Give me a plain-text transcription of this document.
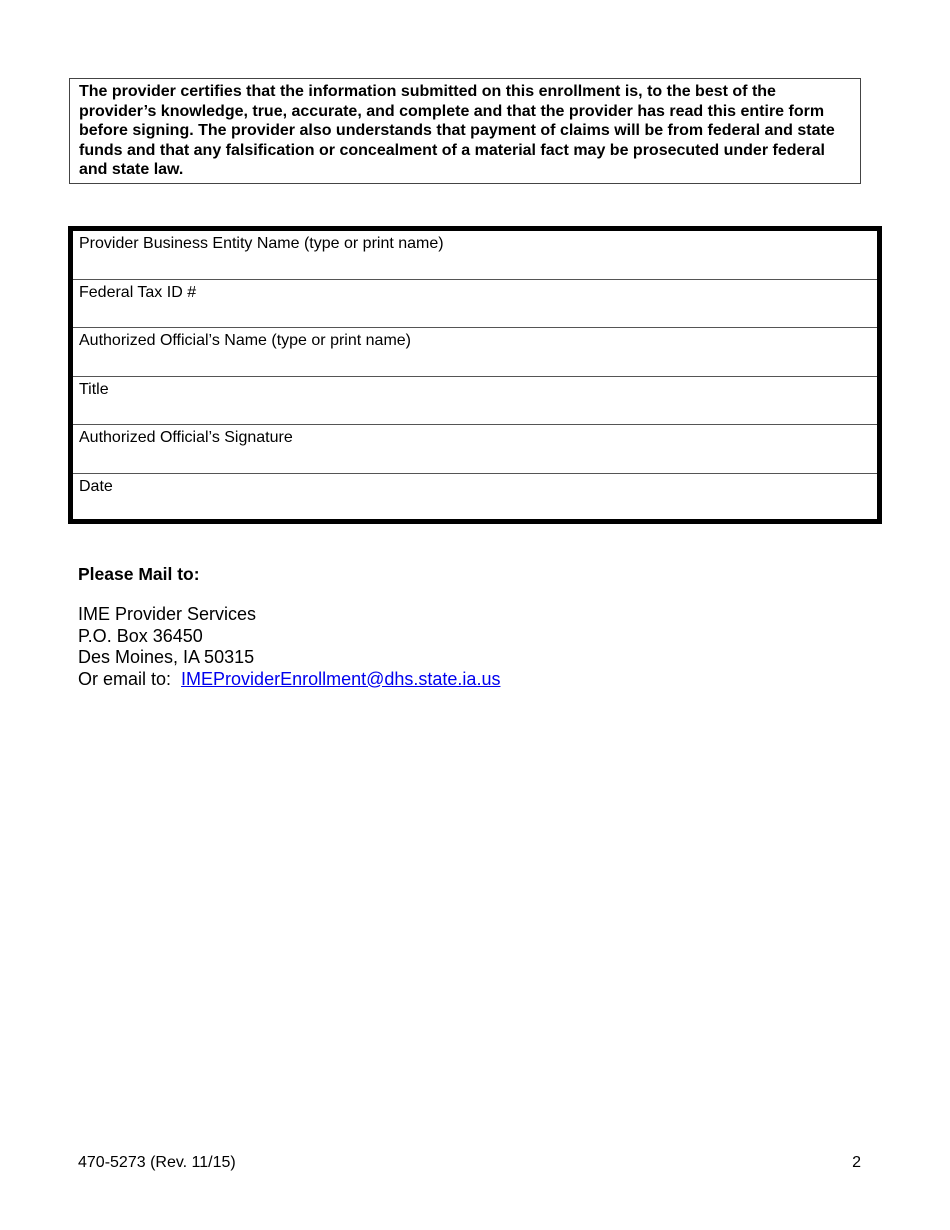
The provider certifies that the information submitted on this enrollment is, to the best of the provider’s knowledge, true, accurate, and complete and that the provider has read this entire form before signing. The provider also understands that payment of claims will be from federal and state funds and that any falsification or concealment of a material fact may be prosecuted under federal and state law.
Provider Business Entity Name (type or print name)
Federal Tax ID #
Authorized Official’s Name (type or print name)
Title
Authorized Official’s Signature
Date
Please Mail to:
IME Provider Services
P.O. Box 36450
Des Moines, IA 50315
Or email to: IMEProviderEnrollment@dhs.state.ia.us
470-5273 (Rev. 11/15)	2
